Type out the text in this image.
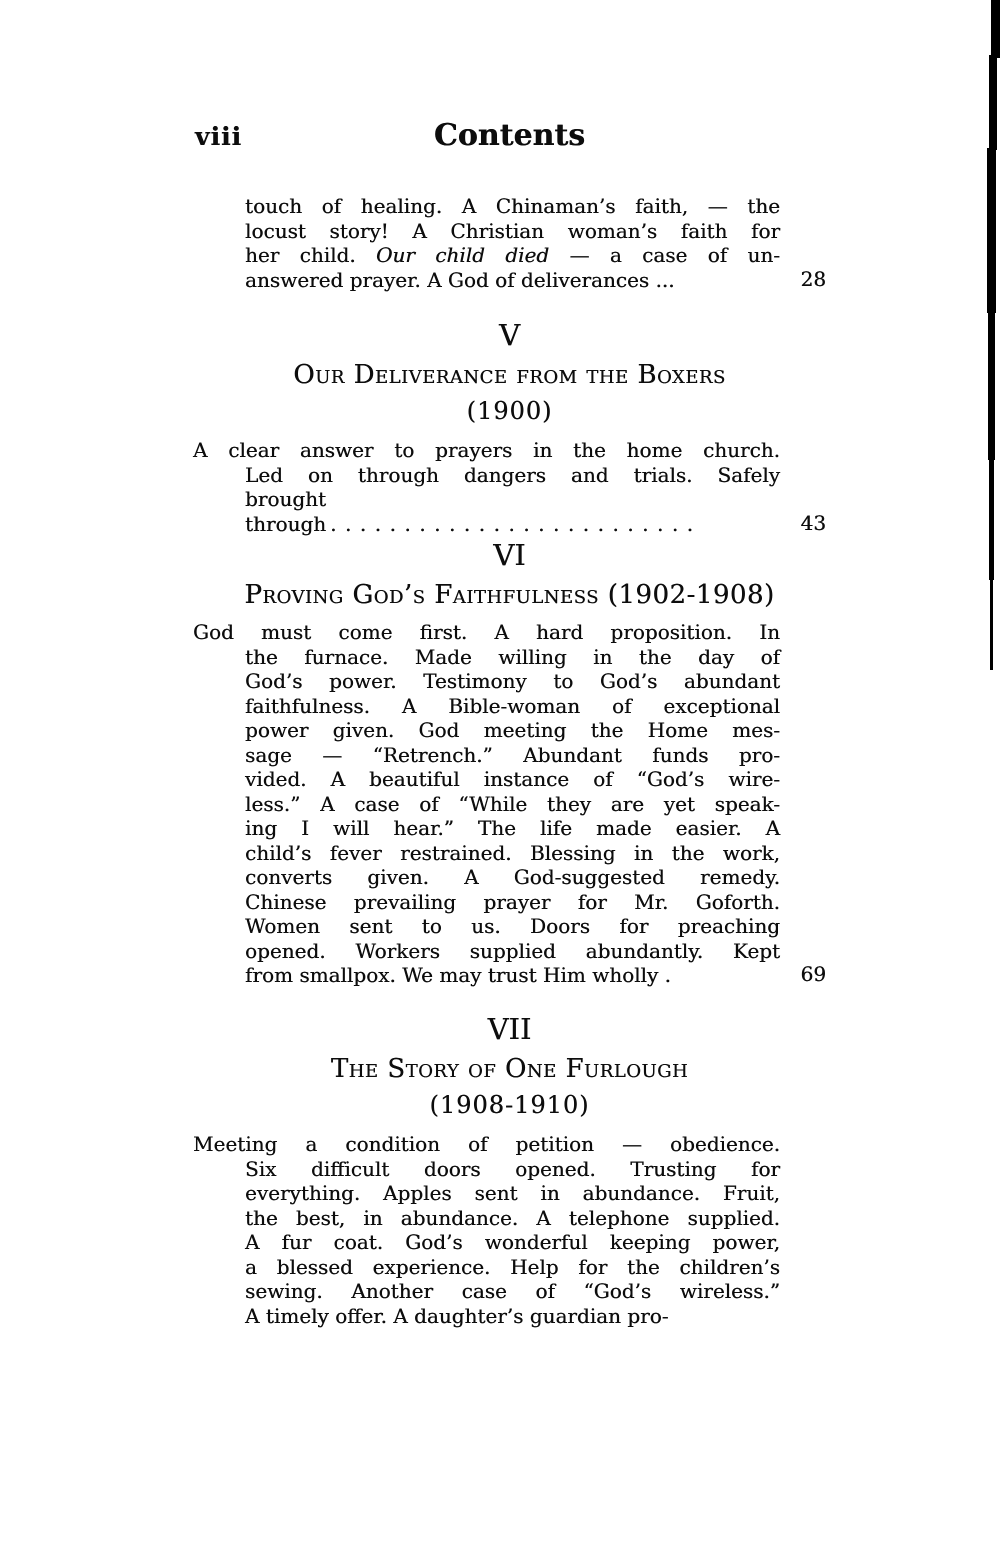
viii	Contents
touch of healing. A Chinaman’s faith, — the
locust story! A Christian woman’s faith for
her child. Our child died — a case of un-
answered prayer. A God of deliverances ...	28
V
Our Deliverance from the Boxers
(1900)
A clear answer to prayers in the home church.
Led on through dangers and trials. Safely
brought through .........................	43
VI
Proving God’s Faithfulness (1902-1908)
God must come first. A hard proposition. In
the furnace. Made willing in the day of
God’s power. Testimony to God’s abundant
faithfulness. A Bible-woman of exceptional
power given. God meeting the Home mes-
sage — “Retrench.” Abundant funds pro-
vided. A beautiful instance of “God’s wire-
less.” A case of “While they are yet speak-
ing I will hear.” The life made easier. A
child’s fever restrained. Blessing in the work,
converts given. A God-suggested remedy.
Chinese prevailing prayer for Mr. Goforth.
Women sent to us. Doors for preaching
opened. Workers supplied abundantly. Kept
from smallpox. We may trust Him wholly .	69
VII
The Story of One Furlough
(1908-1910)
Meeting a condition of petition — obedience.
Six difficult doors opened. Trusting for
everything. Apples sent in abundance. Fruit,
the best, in abundance. A telephone supplied.
A fur coat. God’s wonderful keeping power,
a blessed experience. Help for the children’s
sewing. Another case of “God’s wireless.”
A timely offer. A daughter’s guardian pro-
